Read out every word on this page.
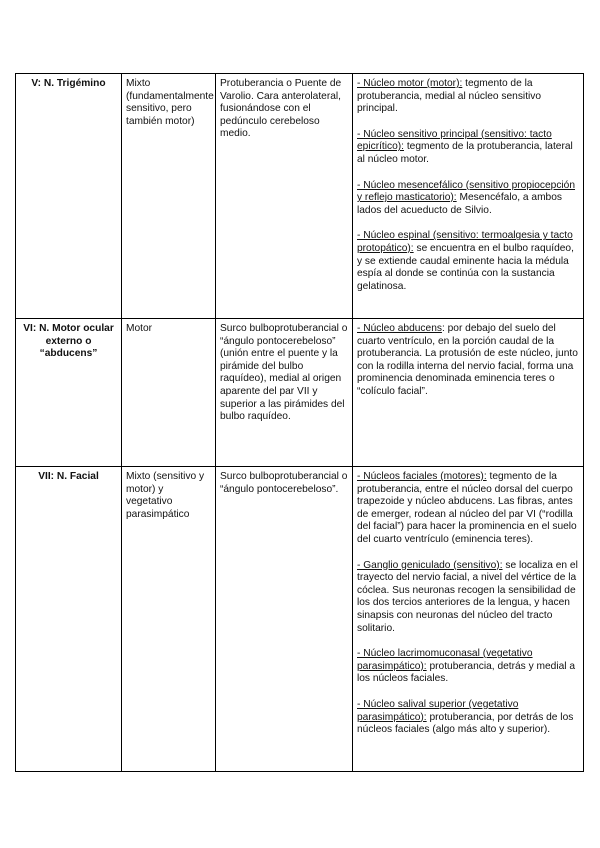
V: N. Trigémino	Mixto (fundamentalmente sensitivo, pero también motor)	Protuberancia o Puente de Varolio. Cara anterolateral, fusionándose con el pedúnculo cerebeloso medio.	- Núcleo motor (motor): tegmento de la protuberancia, medial al núcleo sensitivo principal.
- Núcleo sensitivo principal (sensitivo: tacto epicrítico): tegmento de la protuberancia, lateral al núcleo motor.
- Núcleo mesencefálico (sensitivo propiocepción y reflejo masticatorio): Mesencéfalo, a ambos lados del acueducto de Silvio.
- Núcleo espinal (sensitivo: termoalgesia y tacto protopático): se encuentra en el bulbo raquídeo, y se extiende caudal eminente hacia la médula espía al donde se continúa con la sustancia gelatinosa.

VI: N. Motor ocular externo o “abducens”	Motor	Surco bulboprotuberancial o “ángulo pontocerebeloso” (unión entre el puente y la pirámide del bulbo raquídeo), medial al origen aparente del par VII y superior a las pirámides del bulbo raquídeo.	- Núcleo abducens: por debajo del suelo del cuarto ventrículo, en la porción caudal de la protuberancia. La protusión de este núcleo, junto con la rodilla interna del nervio facial, forma una prominencia denominada eminencia teres o “colículo facial”.

VII: N. Facial	Mixto (sensitivo y motor) y vegetativo parasimpático	Surco bulboprotuberancial o “ángulo pontocerebeloso”.	- Núcleos faciales (motores): tegmento de la protuberancia, entre el núcleo dorsal del cuerpo trapezoide y núcleo abducens. Las fibras, antes de emerger, rodean al núcleo del par VI (“rodilla del facial”) para hacer la prominencia en el suelo del cuarto ventrículo (eminencia teres).
- Ganglio geniculado (sensitivo): se localiza en el trayecto del nervio facial, a nivel del vértice de la cóclea. Sus neuronas recogen la sensibilidad de los dos tercios anteriores de la lengua, y hacen sinapsis con neuronas del núcleo del tracto solitario.
- Núcleo lacrimomuconasal (vegetativo parasimpático): protuberancia, detrás y medial a los núcleos faciales.
- Núcleo salival superior (vegetativo parasimpático): protuberancia, por detrás de los núcleos faciales (algo más alto y superior).
